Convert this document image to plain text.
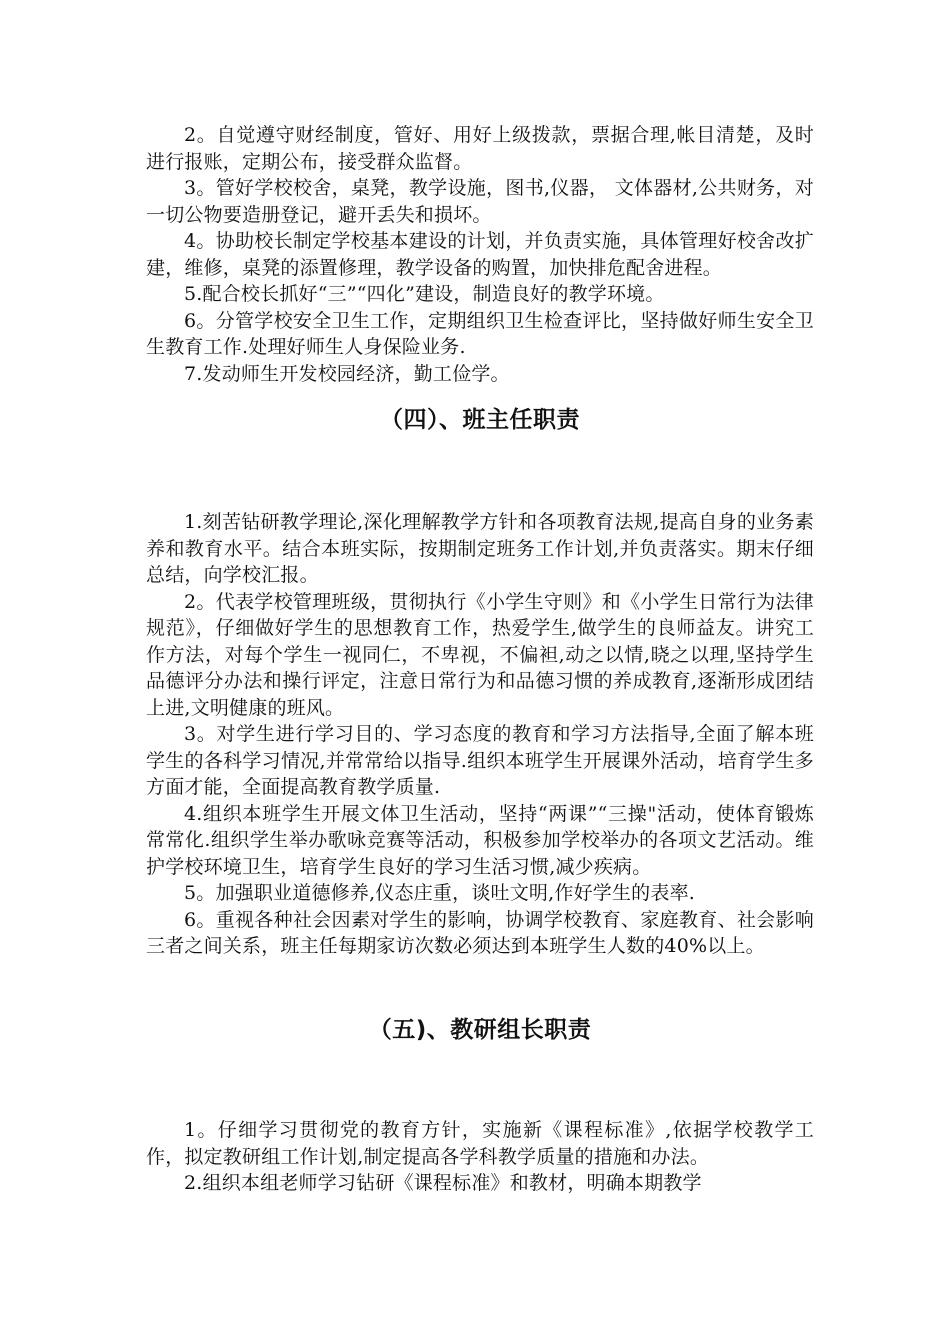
2。自觉遵守财经制度，管好、用好上级拨款，票据合理,帐目清楚，及时进行报账，定期公布，接受群众监督。

3。管好学校校舍，桌凳，教学设施，图书,仪器， 文体器材,公共财务，对一切公物要造册登记，避开丢失和损坏。

4。协助校长制定学校基本建设的计划，并负责实施，具体管理好校舍改扩建，维修，桌凳的添置修理，教学设备的购置，加快排危配舍进程。

5.配合校长抓好“三”“四化”建设，制造良好的教学环境。

6。分管学校安全卫生工作，定期组织卫生检查评比，坚持做好师生安全卫生教育工作.处理好师生人身保险业务.

7.发动师生开发校园经济，勤工俭学。

（四）、班主任职责

1.刻苦钻研教学理论,深化理解教学方针和各项教育法规,提高自身的业务素养和教育水平。结合本班实际，按期制定班务工作计划,并负责落实。期末仔细总结，向学校汇报。

2。代表学校管理班级，贯彻执行《小学生守则》和《小学生日常行为法律规范》，仔细做好学生的思想教育工作，热爱学生,做学生的良师益友。讲究工作方法，对每个学生一视同仁，不卑视，不偏袒,动之以情,晓之以理,坚持学生品德评分办法和操行评定，注意日常行为和品德习惯的养成教育,逐渐形成团结上进,文明健康的班风。

3。对学生进行学习目的、学习态度的教育和学习方法指导,全面了解本班学生的各科学习情况,并常常给以指导.组织本班学生开展课外活动，培育学生多方面才能，全面提高教育教学质量.

4.组织本班学生开展文体卫生活动，坚持“两课”“三操"活动，使体育锻炼常常化.组织学生举办歌咏竞赛等活动，积极参加学校举办的各项文艺活动。维护学校环境卫生，培育学生良好的学习生活习惯,减少疾病。

5。加强职业道德修养,仪态庄重，谈吐文明,作好学生的表率.

6。重视各种社会因素对学生的影响，协调学校教育、家庭教育、社会影响三者之间关系，班主任每期家访次数必须达到本班学生人数的40%以上。

（五)、教研组长职责

1。仔细学习贯彻党的教育方针，实施新《课程标准》,依据学校教学工作，拟定教研组工作计划,制定提高各学科教学质量的措施和办法。

2.组织本组老师学习钻研《课程标准》和教材，明确本期教学
